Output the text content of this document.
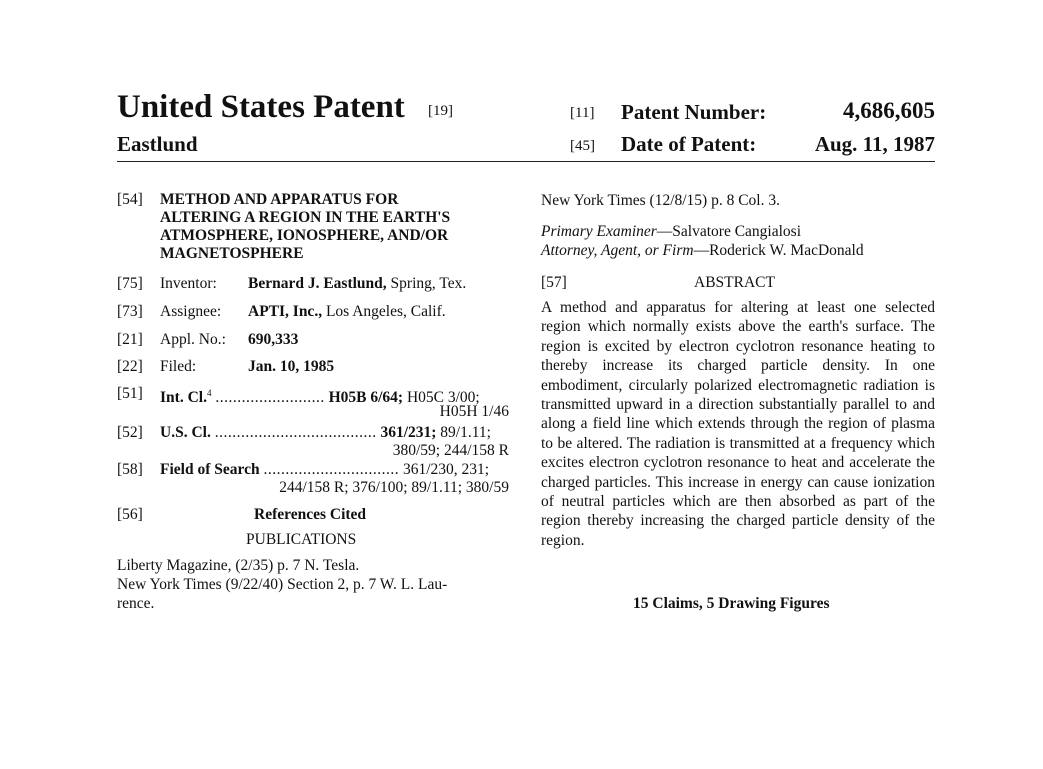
United States Patent [19]
Eastlund
[11] Patent Number:	4,686,605
[45] Date of Patent:	Aug. 11, 1987
[54] METHOD AND APPARATUS FOR
ALTERING A REGION IN THE EARTH'S
ATMOSPHERE, IONOSPHERE, AND/OR
MAGNETOSPHERE
[75] Inventor: Bernard J. Eastlund, Spring, Tex.
[73] Assignee: APTI, Inc., Los Angeles, Calif.
[21] Appl. No.: 690,333
[22] Filed:	Jan. 10, 1985
[51] Int. Cl.$^4$ ......................... H05B 6/64; H05C 3/00;
H05H 1/46
[52] U.S. Cl. ..................................... 361/231; 89/1.11;
380/59; 244/158 R
[58] Field of Search ............................... 361/230, 231;
244/158 R; 376/100; 89/1.11; 380/59
[56]	References Cited
PUBLICATIONS
Liberty Magazine, (2/35) p. 7 N. Tesla.
New York Times (9/22/40) Section 2, p. 7 W. L. Lau-
rence.
New York Times (12/8/15) p. 8 Col. 3.
Primary Examiner—Salvatore Cangialosi
Attorney, Agent, or Firm—Roderick W. MacDonald
[57]	ABSTRACT
A method and apparatus for altering at least one selected region which normally exists above the earth's surface. The region is excited by electron cyclotron resonance heating to thereby increase its charged particle density. In one embodiment, circularly polarized electromagnetic radiation is transmitted upward in a direction substantially parallel to and along a field line which extends through the region of plasma to be altered. The radiation is transmitted at a frequency which excites electron cyclotron resonance to heat and accelerate the charged particles. This increase in energy can cause ionization of neutral particles which are then absorbed as part of the region thereby increasing the charged particle density of the region.
15 Claims, 5 Drawing Figures
